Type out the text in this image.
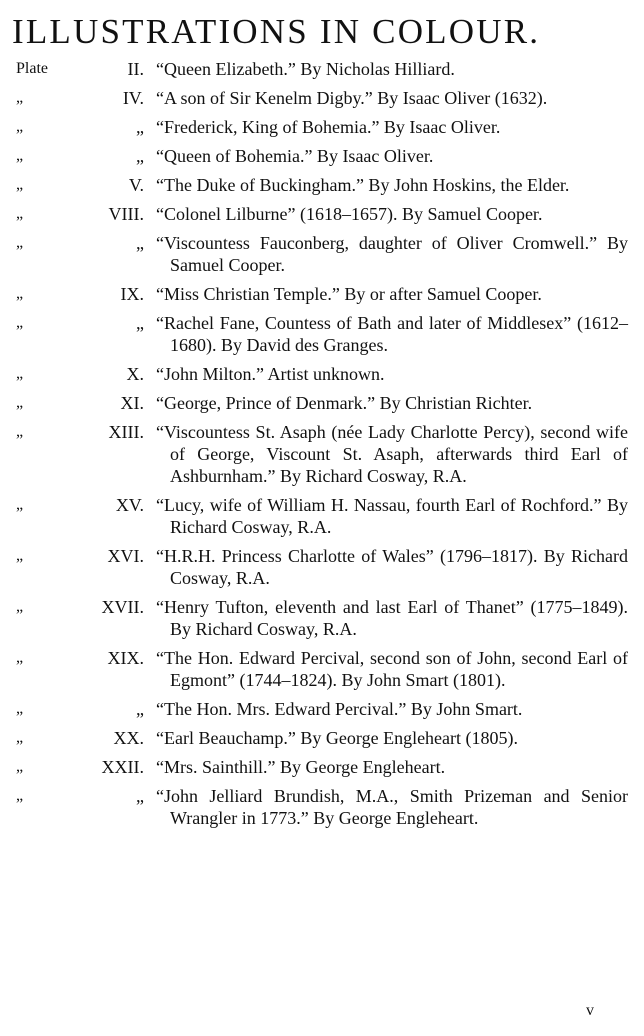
ILLUSTRATIONS IN COLOUR.
Plate	II. “Queen Elizabeth.” By Nicholas Hilliard.
„	IV. “A son of Sir Kenelm Digby.” By Isaac Oliver (1632).
„	„ “Frederick, King of Bohemia.” By Isaac Oliver.
„	„ “Queen of Bohemia.” By Isaac Oliver.
„	V. “The Duke of Buckingham.” By John Hoskins, the Elder.
„	VIII. “Colonel Lilburne” (1618–1657). By Samuel Cooper.
„	„ “Viscountess Fauconberg, daughter of Oliver Cromwell.” By Samuel Cooper.
„	IX. “Miss Christian Temple.” By or after Samuel Cooper.
„	„ “Rachel Fane, Countess of Bath and later of Middlesex” (1612–1680). By David des Granges.
„	X. “John Milton.” Artist unknown.
„	XI. “George, Prince of Denmark.” By Christian Richter.
„	XIII. “Viscountess St. Asaph (née Lady Charlotte Percy), second wife of George, Viscount St. Asaph, afterwards third Earl of Ashburnham.” By Richard Cosway, R.A.
„	XV. “Lucy, wife of William H. Nassau, fourth Earl of Rochford.” By Richard Cosway, R.A.
„	XVI. “H.R.H. Princess Charlotte of Wales” (1796–1817). By Richard Cosway, R.A.
„	XVII. “Henry Tufton, eleventh and last Earl of Thanet” (1775–1849). By Richard Cosway, R.A.
„	XIX. “The Hon. Edward Percival, second son of John, second Earl of Egmont” (1744–1824). By John Smart (1801).
„	„ “The Hon. Mrs. Edward Percival.” By John Smart.
„	XX. “Earl Beauchamp.” By George Engleheart (1805).
„	XXII. “Mrs. Sainthill.” By George Engleheart.
„	„ “John Jelliard Brundish, M.A., Smith Prizeman and Senior Wrangler in 1773.” By George Engleheart.
v
